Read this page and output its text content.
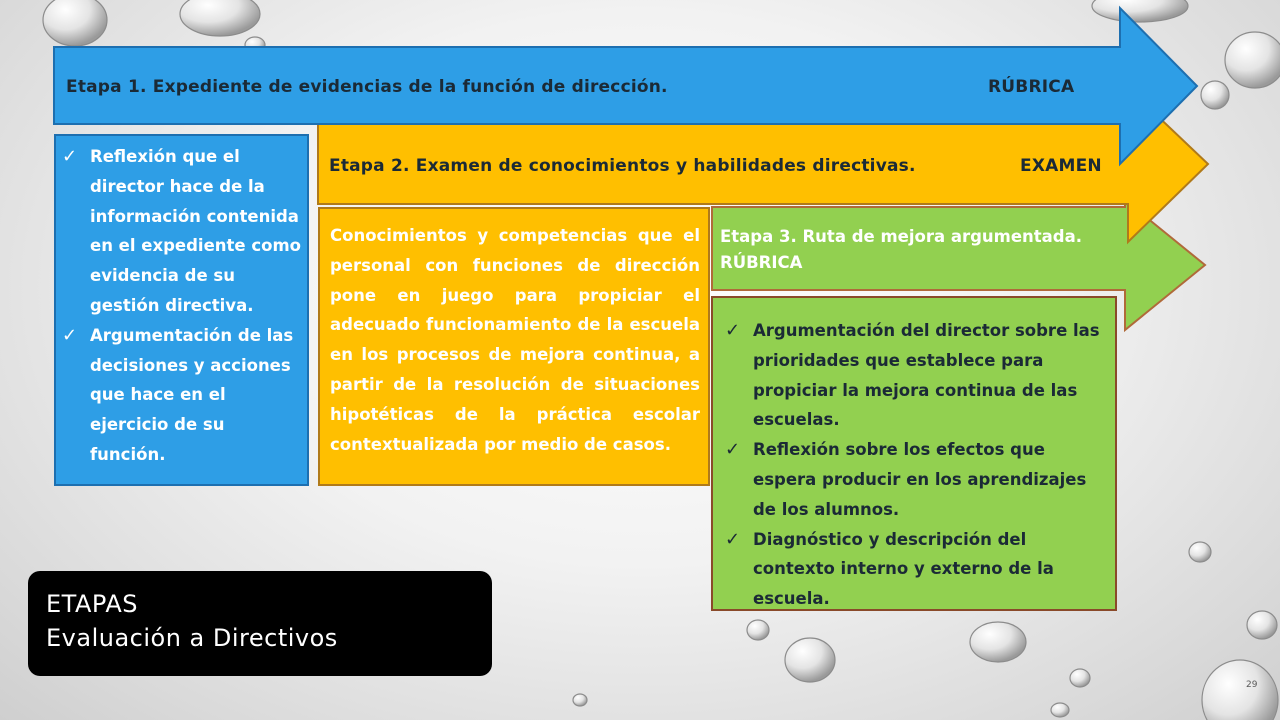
Etapa 1. Expediente de evidencias de la función de dirección.	RÚBRICA
Etapa 2. Examen de conocimientos y habilidades directivas.	EXAMEN
✓ Reflexión que el director hace de la información contenida en el expediente como evidencia de su gestión directiva.
✓ Argumentación de las decisiones y acciones que hace en el ejercicio de su función.
Conocimientos y competencias que el personal con funciones de dirección pone en juego para propiciar el adecuado funcionamiento de la escuela en los procesos de mejora continua, a partir de la resolución de situaciones hipotéticas de la práctica escolar contextualizada por medio de casos.
Etapa 3. Ruta de mejora argumentada.
RÚBRICA
✓ Argumentación del director sobre las prioridades que establece para propiciar la mejora continua de las escuelas.
✓ Reflexión sobre los efectos que espera producir en los aprendizajes de los alumnos.
✓ Diagnóstico y descripción del contexto interno y externo de la escuela.
ETAPAS
Evaluación a Directivos
29
